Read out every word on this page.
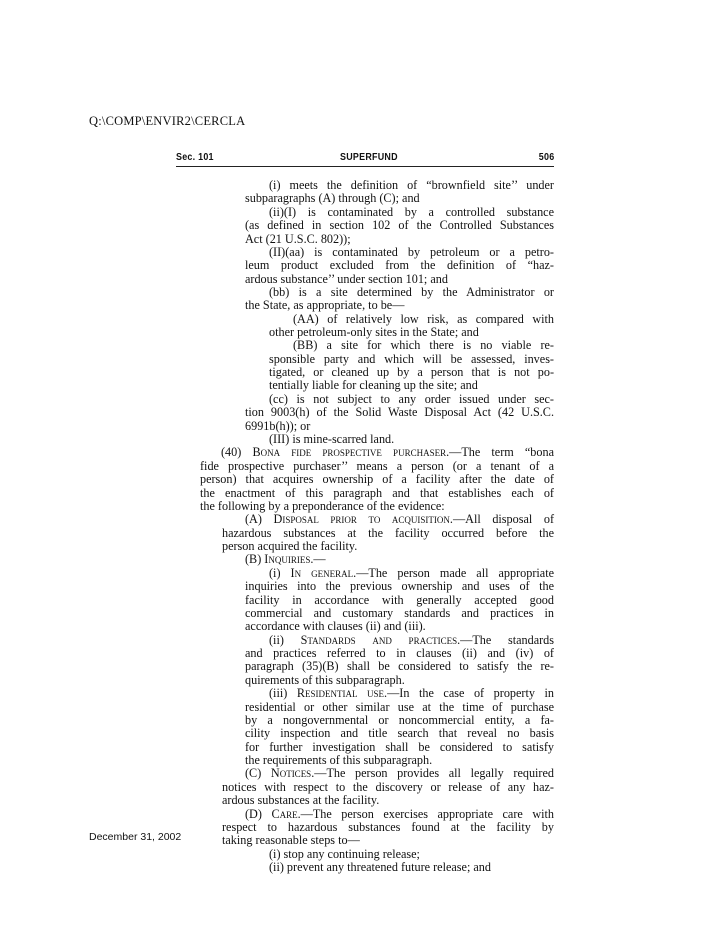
Q:\COMP\ENVIR2\CERCLA
Sec. 101	SUPERFUND	506
(i) meets the definition of “brownfield site’’ under
subparagraphs (A) through (C); and
(ii)(I) is contaminated by a controlled substance
(as defined in section 102 of the Controlled Substances
Act (21 U.S.C. 802));
(II)(aa) is contaminated by petroleum or a petro-
leum product excluded from the definition of “haz-
ardous substance’’ under section 101; and
(bb) is a site determined by the Administrator or
the State, as appropriate, to be—
(AA) of relatively low risk, as compared with
other petroleum-only sites in the State; and
(BB) a site for which there is no viable re-
sponsible party and which will be assessed, inves-
tigated, or cleaned up by a person that is not po-
tentially liable for cleaning up the site; and
(cc) is not subject to any order issued under sec-
tion 9003(h) of the Solid Waste Disposal Act (42 U.S.C.
6991b(h)); or
(III) is mine-scarred land.
(40) Bona fide prospective purchaser.—The term “bona
fide prospective purchaser’’ means a person (or a tenant of a
person) that acquires ownership of a facility after the date of
the enactment of this paragraph and that establishes each of
the following by a preponderance of the evidence:
(A) Disposal prior to acquisition.—All disposal of
hazardous substances at the facility occurred before the
person acquired the facility.
(B) Inquiries.—
(i) In general.—The person made all appropriate
inquiries into the previous ownership and uses of the
facility in accordance with generally accepted good
commercial and customary standards and practices in
accordance with clauses (ii) and (iii).
(ii) Standards and practices.—The standards
and practices referred to in clauses (ii) and (iv) of
paragraph (35)(B) shall be considered to satisfy the re-
quirements of this subparagraph.
(iii) Residential use.—In the case of property in
residential or other similar use at the time of purchase
by a nongovernmental or noncommercial entity, a fa-
cility inspection and title search that reveal no basis
for further investigation shall be considered to satisfy
the requirements of this subparagraph.
(C) Notices.—The person provides all legally required
notices with respect to the discovery or release of any haz-
ardous substances at the facility.
(D) Care.—The person exercises appropriate care with
respect to hazardous substances found at the facility by
taking reasonable steps to—
(i) stop any continuing release;
(ii) prevent any threatened future release; and
December 31, 2002
